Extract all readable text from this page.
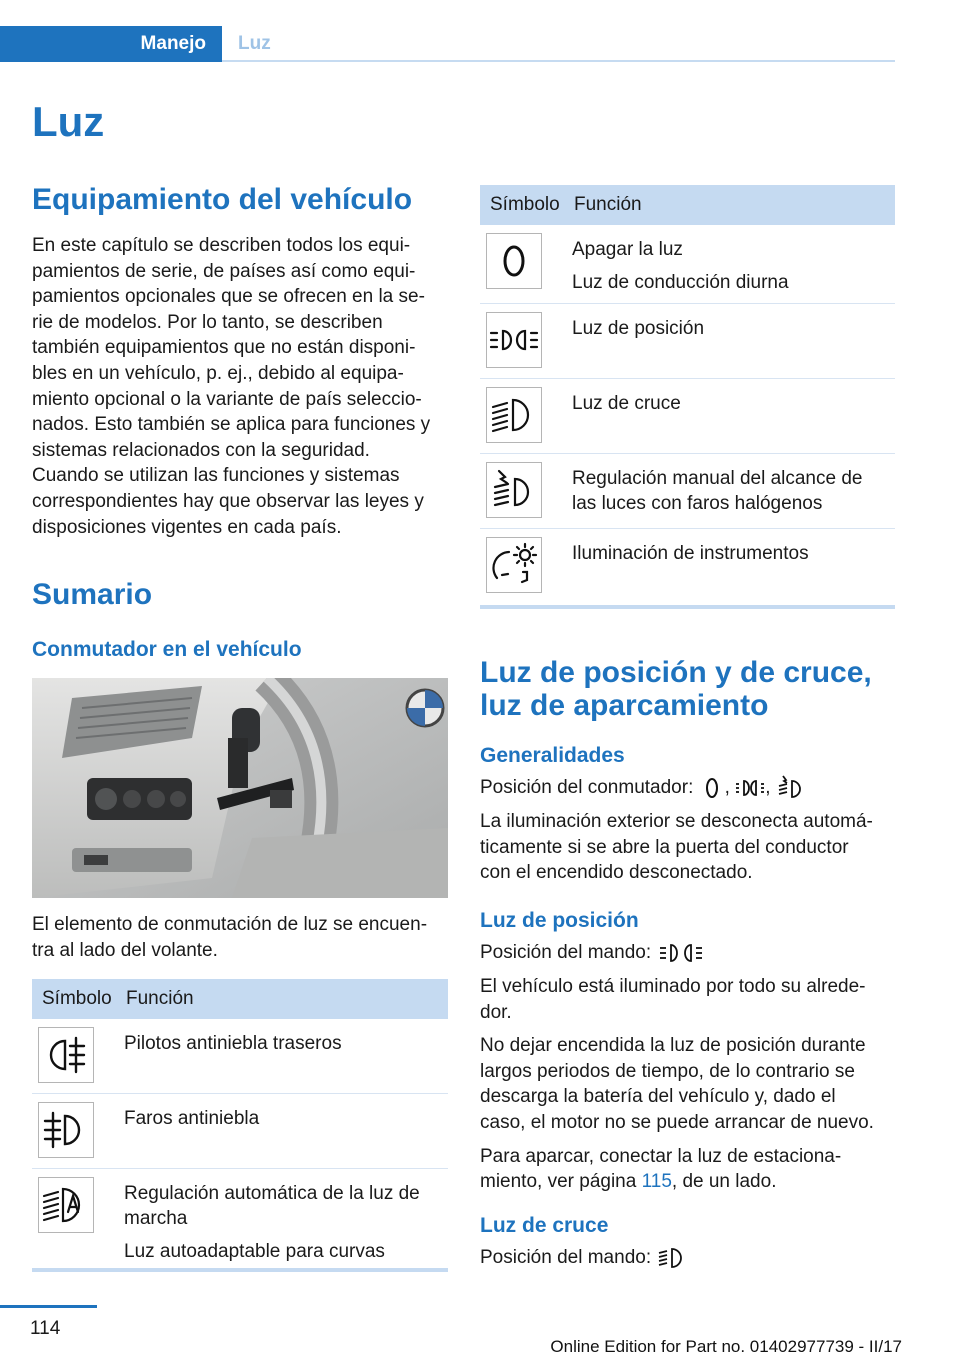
Manejo Luz
Luz
Equipamiento del vehículo

En este capítulo se describen todos los equi-

pamientos de serie, de países así como equi-

pamientos opcionales que se ofrecen en la se-

rie de modelos. Por lo tanto, se describen

también equipamientos que no están disponi-

bles en un vehículo, p. ej., debido al equipa-

miento opcional o la variante de país seleccio-

nados. Esto también se aplica para funciones y

sistemas relacionados con la seguridad.

Cuando se utilizan las funciones y sistemas

correspondientes hay que observar las leyes y

disposiciones vigentes en cada país.

Sumario
Conmutador en el vehículo

El elemento de conmutación de luz se encuen-

tra al lado del volante.

Símbolo	Función

Pilotos antiniebla traseros

Faros antiniebla

Regulación automática de la luz de
marcha
Luz autoadaptable para curvas
Símbolo	Función

Apagar la luz
Luz de conducción diurna

Luz de posición

Luz de cruce

Regulación manual del alcance de
las luces con faros halógenos

Iluminación de instrumentos
Luz de posición y de cruce,
luz de aparcamiento
Generalidades

Posición del conmutador: , ,

La iluminación exterior se desconecta automá-

ticamente si se abre la puerta del conductor

con el encendido desconectado.

Luz de posición

Posición del mando:

El vehículo está iluminado por todo su alrede-

dor.

No dejar encendida la luz de posición durante

largos periodos de tiempo, de lo contrario se

descarga la batería del vehículo y, dado el

caso, el motor no se puede arrancar de nuevo.

Para aparcar, conectar la luz de estaciona-

miento, ver página 115, de un lado.

Luz de cruce

Posición del mando:

114
Online Edition for Part no. 01402977739 - II/17
